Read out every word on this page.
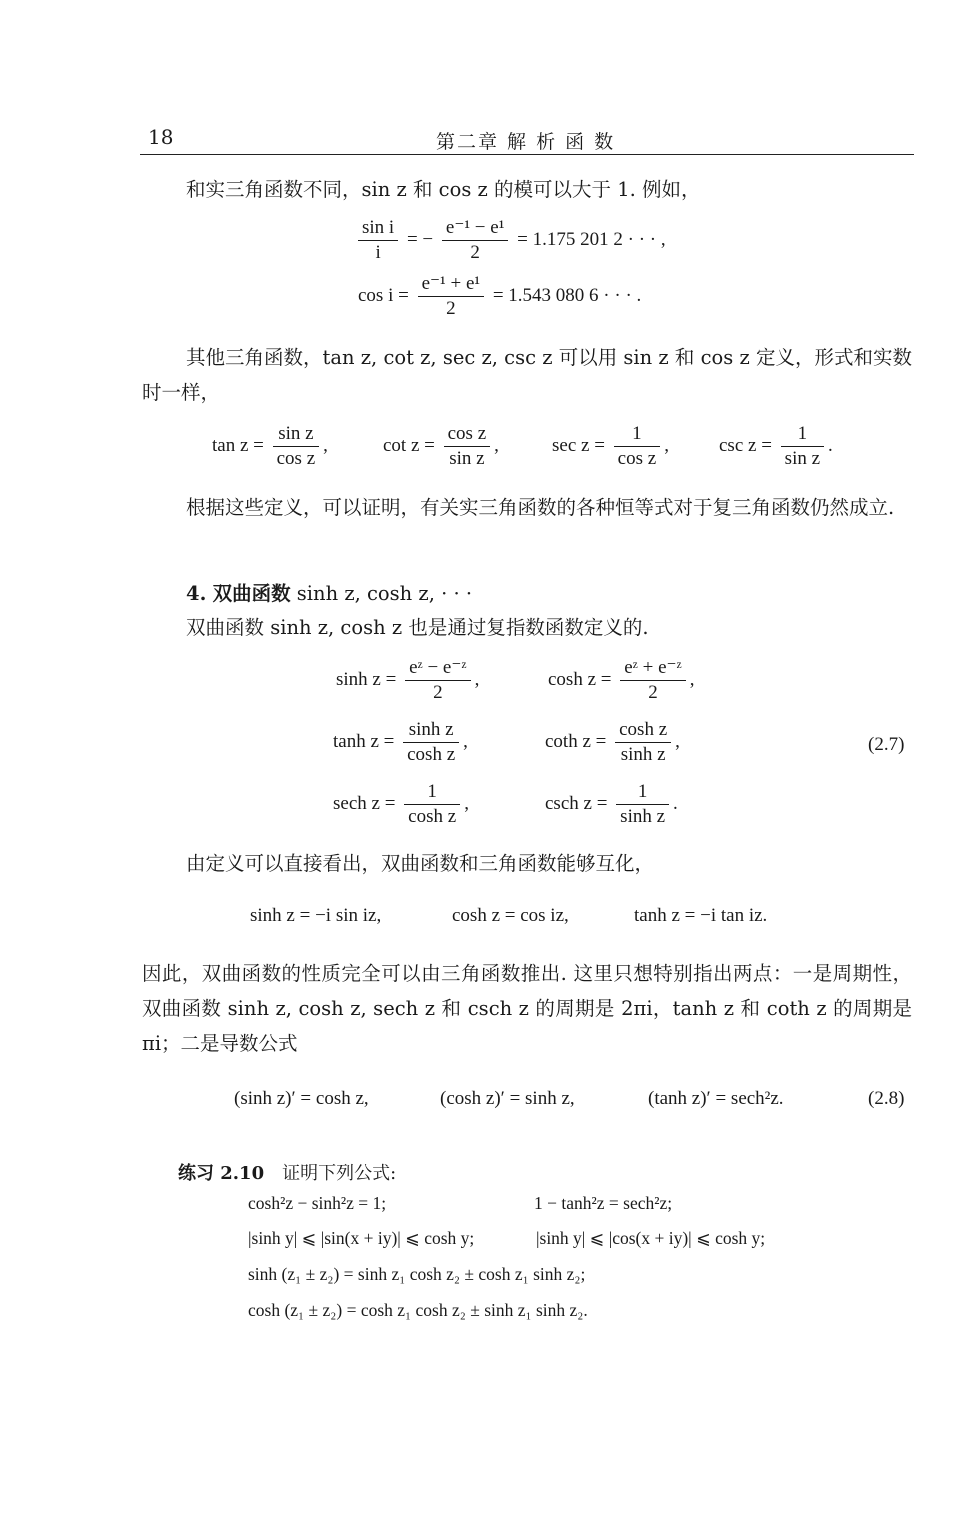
18	第二章 解 析 函 数
和实三角函数不同，sin z 和 cos z 的模可以大于 1. 例如，
$\frac{\text{sin i}}{i}$ = − $\frac{\text{e⁻¹ − e¹}}{2} = 1.175$ 201 2 · · · ,
$\cos i = \frac{\text{e⁻¹ + e¹}}{2} = 1.543$ 080 6 · · · .
其他三角函数，tan z, cot z, sec z, csc z 可以用 sin z 和 cos z 定义，形式和实数时一样，
$\tan z = \frac{\text{sin z}}{\text{cos z}}$ ,	$\cot z = \frac{\text{cos z}}{\text{sin z}}$ ,	$\sec z = \frac{1}{\text{cos z}}$ ,	$\csc z = \frac{1}{\text{sin z}}$ .
根据这些定义，可以证明，有关实三角函数的各种恒等式对于复三角函数仍然成立.
4. 双曲函数 sinh z, cosh z, · · ·
双曲函数 sinh z, cosh z 也是通过复指数函数定义的.
$\sinh z = \frac{\text{eᶻ − e⁻ᶻ}}{2}$ ,	$\cosh z = \frac{\text{eᶻ + e⁻ᶻ}}{2}$ ,
$\tanh z = \frac{\text{sinh z}}{\text{cosh z}}$ ,	coth $z = \frac{\text{cosh z}}{\text{sinh z}}$ ,	(2.7)
sech $z = \frac{1}{\text{cosh z}}$ ,	csch $z = \frac{1}{\text{sinh z}}$ .
由定义可以直接看出，双曲函数和三角函数能够互化，
sinh z = −i sin iz,	cosh z = cos iz,	tanh z = −i tan iz.
因此，双曲函数的性质完全可以由三角函数推出. 这里只想特别指出两点：一是周期性，双曲函数 sinh z, cosh z, sech z 和 csch z 的周期是 2πi，tanh z 和 coth z 的周期是 πi；二是导数公式
(sinh z)′ = cosh z,	(cosh z)′ = sinh z,	(tanh z)′ = sech²z.	(2.8)
练习 2.10 证明下列公式:
cosh²z − sinh²z = 1;	1 − tanh²z = sech²z;
|sinh y| ⩽ |sin(x + iy)| ⩽ cosh y;	|sinh y| ⩽ |cos(x + iy)| ⩽ cosh y;
sinh (z₁ ± z₂) = sinh z₁ cosh z₂ ± cosh z₁ sinh z₂;
cosh (z₁ ± z₂) = cosh z₁ cosh z₂ ± sinh z₁ sinh z₂.
